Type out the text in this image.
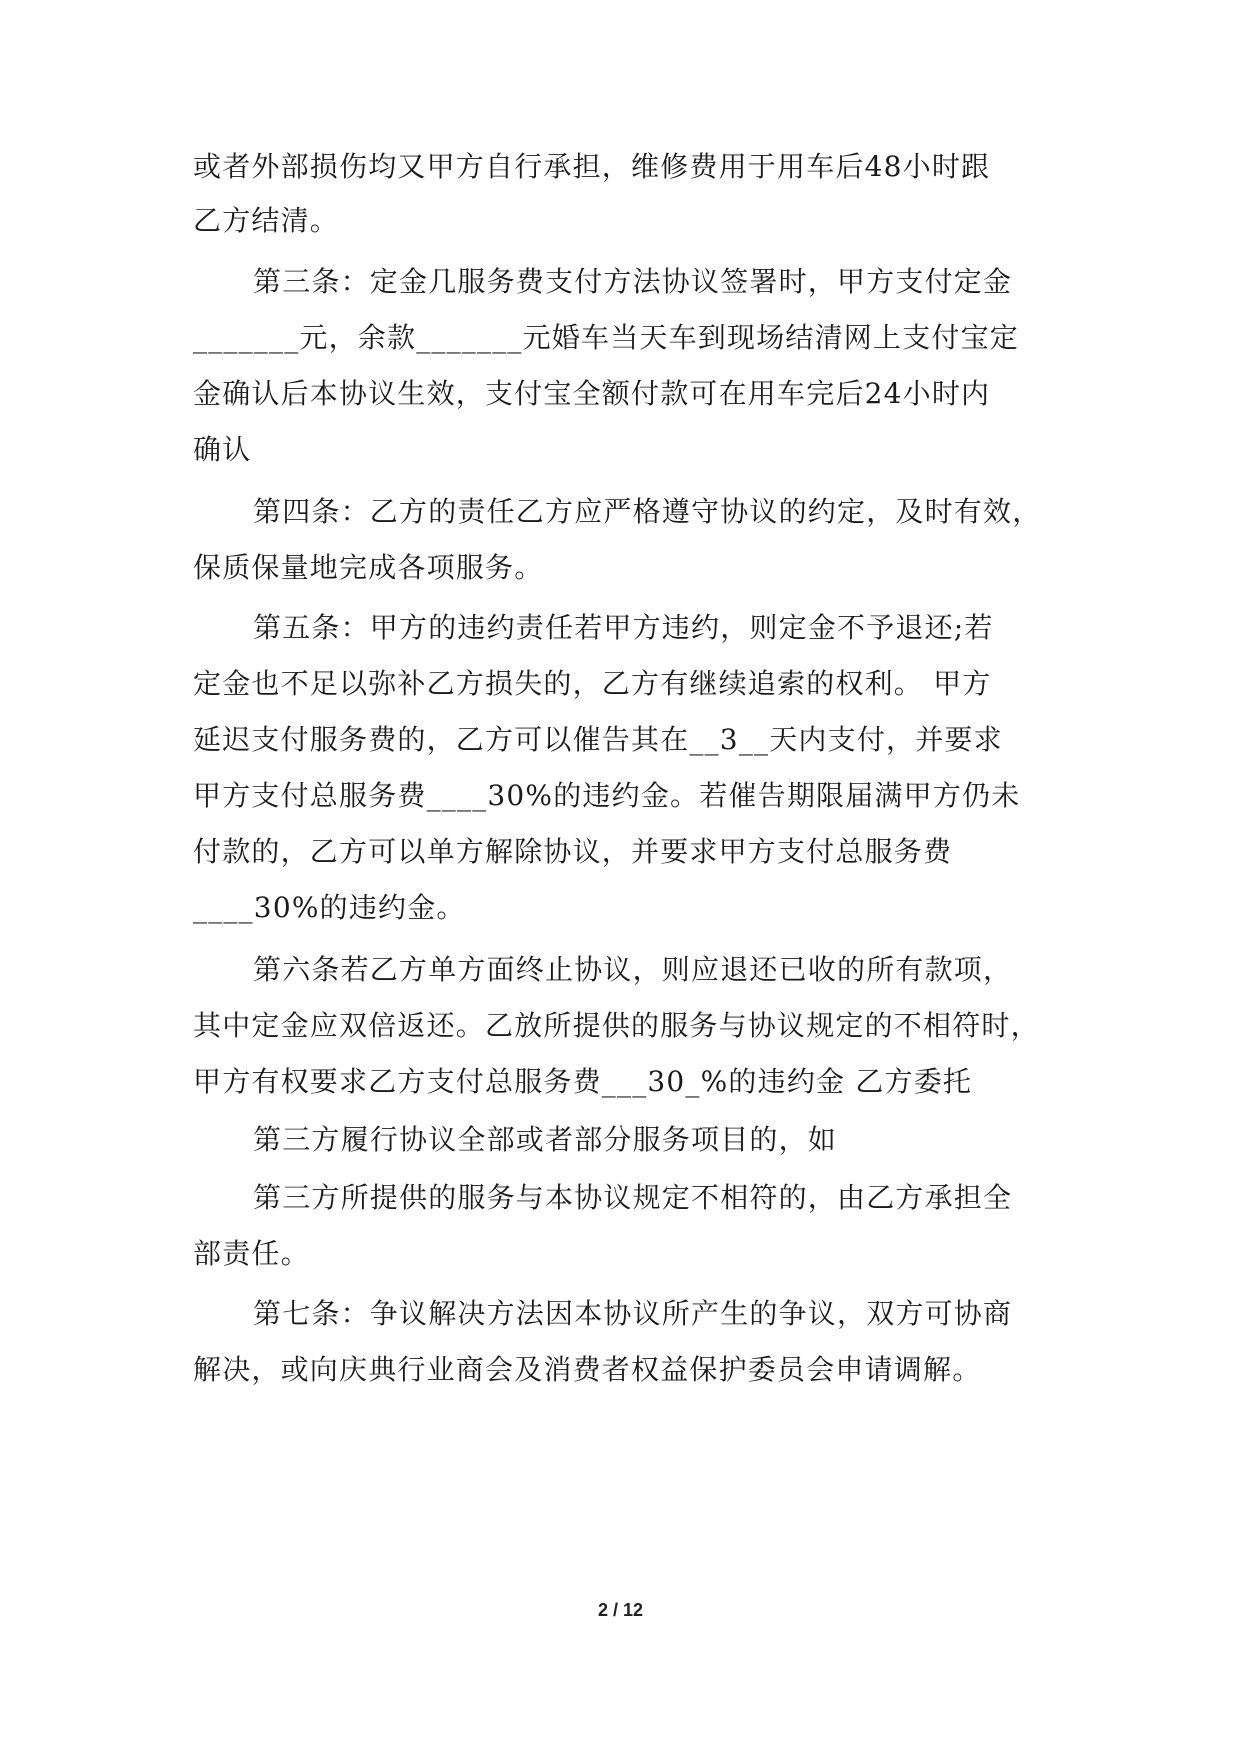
或者外部损伤均又甲方自行承担，维修费用于用车后48小时跟
乙方结清。
第三条：定金几服务费支付方法协议签署时，甲方支付定金
_______元，余款_______元婚车当天车到现场结清网上支付宝定
金确认后本协议生效，支付宝全额付款可在用车完后24小时内
确认
第四条：乙方的责任乙方应严格遵守协议的约定，及时有效，
保质保量地完成各项服务。
第五条：甲方的违约责任若甲方违约，则定金不予退还;若
定金也不足以弥补乙方损失的，乙方有继续追索的权利。 甲方
延迟支付服务费的，乙方可以催告其在__3__天内支付，并要求
甲方支付总服务费____30%的违约金。若催告期限届满甲方仍未
付款的，乙方可以单方解除协议，并要求甲方支付总服务费
____30%的违约金。
第六条若乙方单方面终止协议，则应退还已收的所有款项，
其中定金应双倍返还。乙放所提供的服务与协议规定的不相符时，
甲方有权要求乙方支付总服务费___30_%的违约金 乙方委托
第三方履行协议全部或者部分服务项目的，如
第三方所提供的服务与本协议规定不相符的，由乙方承担全
部责任。
第七条：争议解决方法因本协议所产生的争议，双方可协商
解决，或向庆典行业商会及消费者权益保护委员会申请调解。
2 / 12
